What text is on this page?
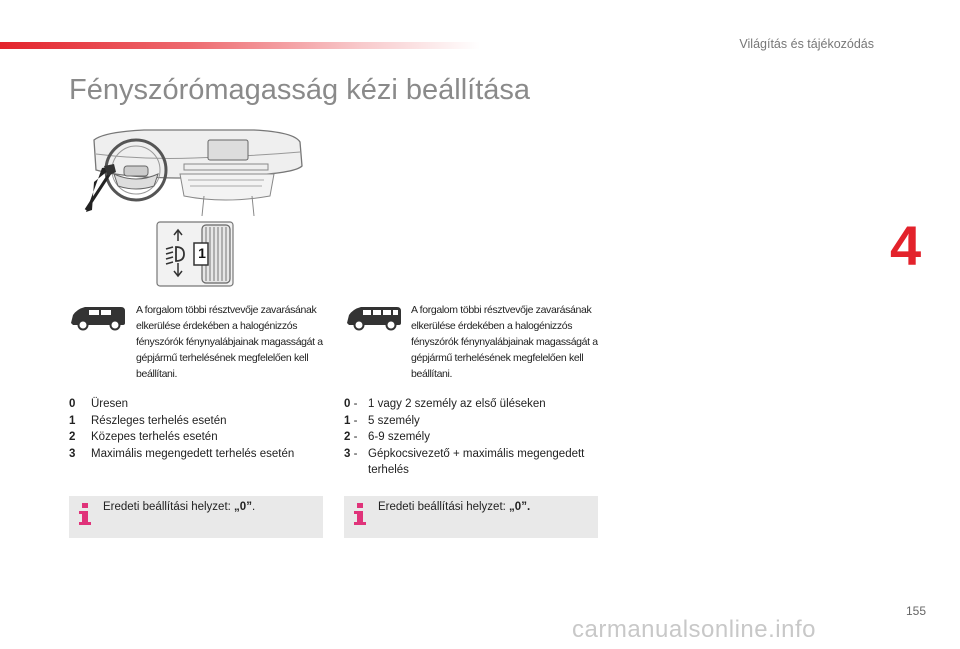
Világítás és tájékozódás
4
Fényszórómagasság kézi beállítása
1
A forgalom többi résztvevője zavarásának elkerülése érdekében a halogénizzós fényszórók fénynyalábjainak magasságát a gépjármű terhelésének megfelelően kell beállítani.
0	Üresen
1	Részleges terhelés esetén
2	Közepes terhelés esetén
3	Maximális megengedett terhelés esetén
Eredeti beállítási helyzet: „0”.
A forgalom többi résztvevője zavarásának elkerülése érdekében a halogénizzós fényszórók fénynyalábjainak magasságát a gépjármű terhelésének megfelelően kell beállítani.
0 - 1 vagy 2 személy az első üléseken
1 - 5 személy
2 - 6-9 személy
3 - Gépkocsivezető + maximális megengedett terhelés
Eredeti beállítási helyzet: „0”.
155
carmanualsonline.info
